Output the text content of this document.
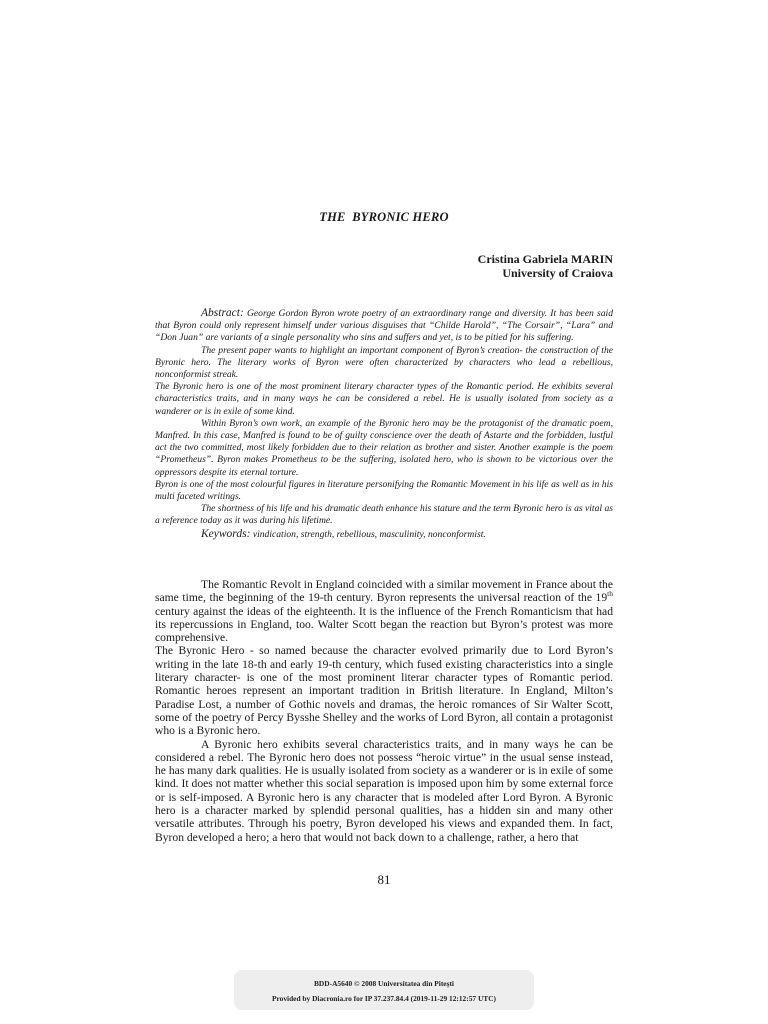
THE  BYRONIC HERO
Cristina Gabriela MARIN
University of Craiova

Abstract: George Gordon Byron wrote poetry of an extraordinary range and diversity. It has been said that Byron could only represent himself under various disguises that “Childe Harold”, “The Corsair”, “Lara” and “Don Juan” are variants of a single personality who sins and suffers and yet, is to be pitied for his suffering.

The present paper wants to highlight an important component of Byron’s creation- the construction of the Byronic hero. The literary works of Byron were often characterized by characters who lead a rebellious, nonconformist streak.

The Byronic hero is one of the most prominent literary character types of the Romantic period. He exhibits several characteristics traits, and in many ways he can be considered a rebel. He is usually isolated from society as a wanderer or is in exile of some kind.

Within Byron’s own work, an example of the Byronic hero may be the protagonist of the dramatic poem, Manfred. In this case, Manfred is found to be of guilty conscience over the death of Astarte and the forbidden, lustful act the two committed, most likely forbidden due to their relation as brother and sister. Another example is the poem “Prometheus”. Byron makes Prometheus to be the suffering, isolated hero, who is shown to be victorious over the oppressors despite its eternal torture.

Byron is one of the most colourful figures in literature personifying the Romantic Movement in his life as well as in his multi faceted writings.

The shortness of his life and his dramatic death enhance his stature and the term Byronic hero is as vital as a reference today as it was during his lifetime.

Keywords: vindication, strength, rebellious, masculinity, nonconformist.

The Romantic Revolt in England coincided with a similar movement in France about the same time, the beginning of the 19-th century. Byron represents the universal reaction of the 19th century against the ideas of the eighteenth. It is the influence of the French Romanticism that had its repercussions in England, too. Walter Scott began the reaction but Byron’s protest was more comprehensive.

The Byronic Hero - so named because the character evolved primarily due to Lord Byron’s writing in the late 18-th and early 19-th century, which fused existing characteristics into a single literary character- is one of the most prominent literar character types of Romantic period. Romantic heroes represent an important tradition in British literature. In England, Milton’s Paradise Lost, a number of Gothic novels and dramas, the heroic romances of Sir Walter Scott, some of the poetry of Percy Bysshe Shelley and the works of Lord Byron, all contain a protagonist who is a Byronic hero.

A Byronic hero exhibits several characteristics traits, and in many ways he can be considered a rebel. The Byronic hero does not possess “heroic virtue” in the usual sense instead, he has many dark qualities. He is usually isolated from society as a wanderer or is in exile of some kind. It does not matter whether this social separation is imposed upon him by some external force or is self-imposed. A Byronic hero is any character that is modeled after Lord Byron. A Byronic hero is a character marked by splendid personal qualities, has a hidden sin and many other versatile attributes. Through his poetry, Byron developed his views and expanded them. In fact, Byron developed a hero; a hero that would not back down to a challenge, rather, a hero that

81
BDD-A5640 © 2008 Universitatea din Pitești
Provided by Diacronia.ro for IP 37.237.84.4 (2019-11-29 12:12:57 UTC)
